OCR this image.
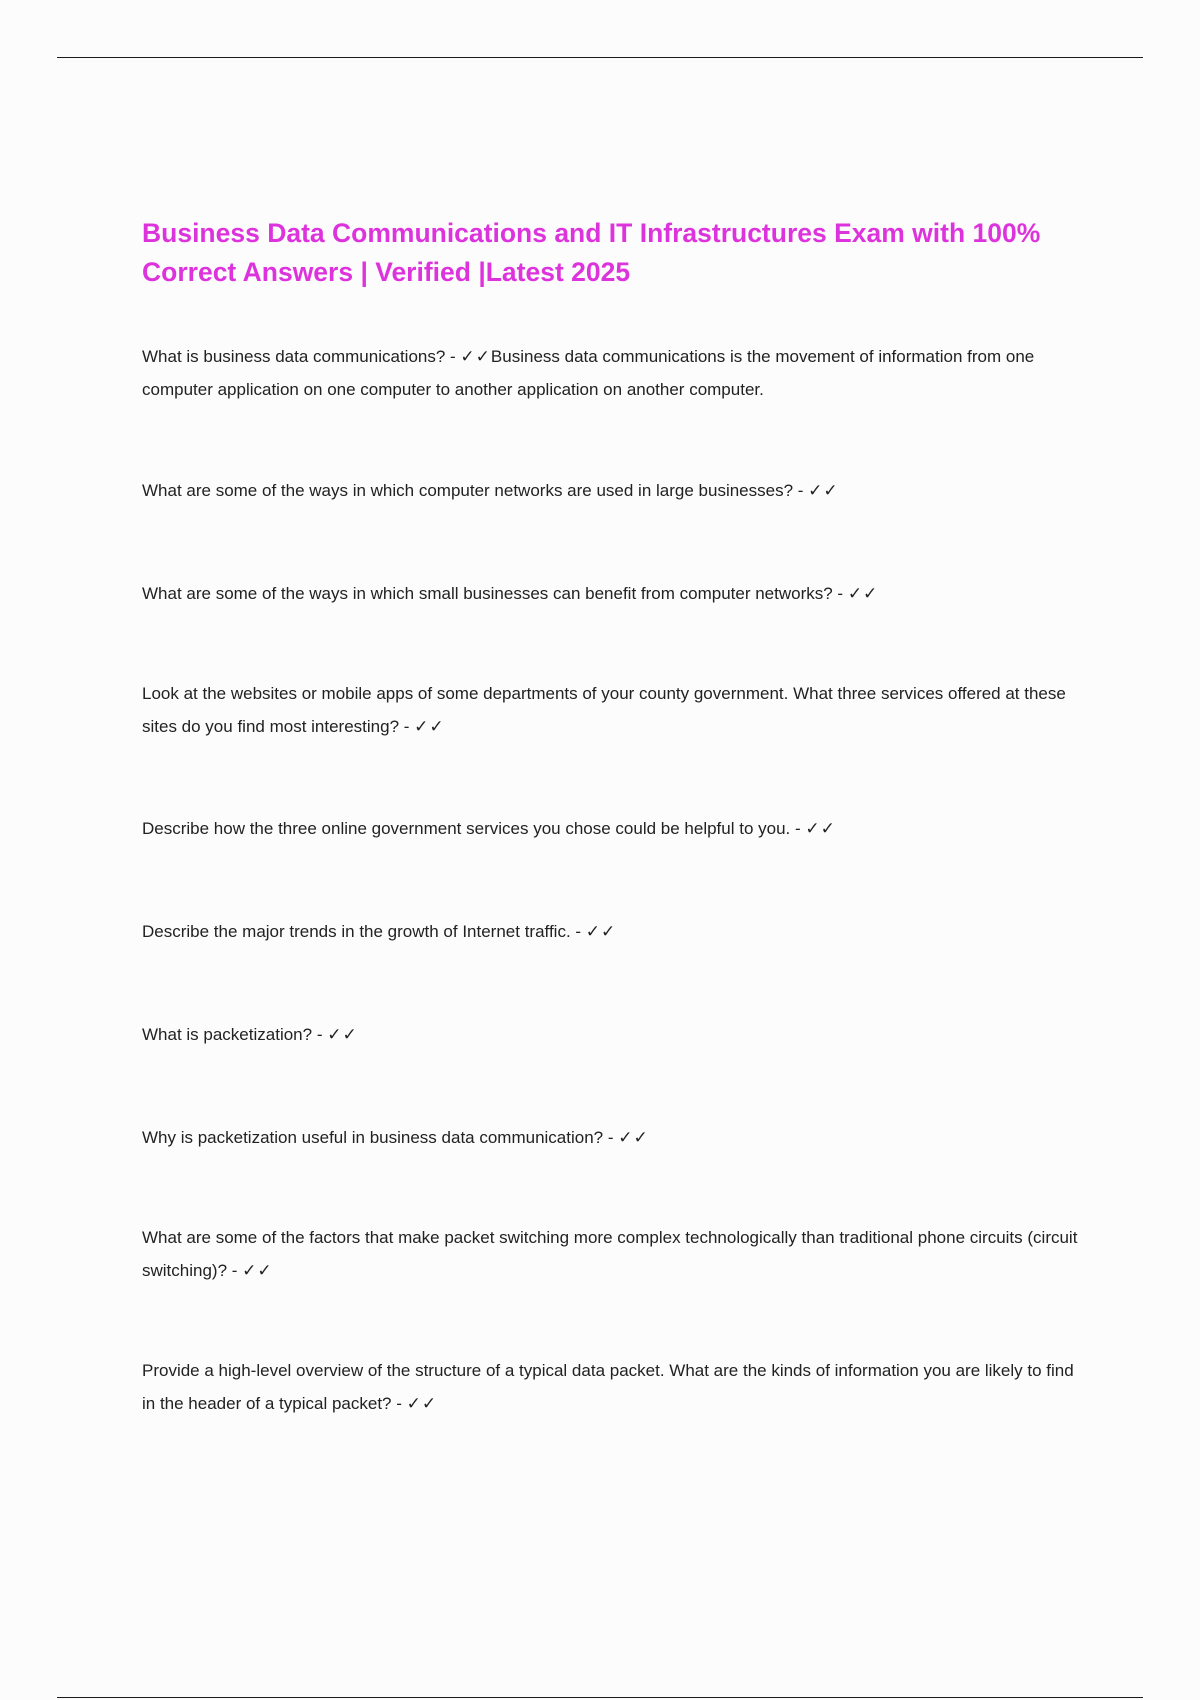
Business Data Communications and IT Infrastructures Exam with 100% Correct Answers | Verified |Latest 2025

What is business data communications? - ✓✓Business data communications is the movement of information from one computer application on one computer to another application on another computer.

What are some of the ways in which computer networks are used in large businesses? - ✓✓

What are some of the ways in which small businesses can benefit from computer networks? - ✓✓

Look at the websites or mobile apps of some departments of your county government. What three services offered at these sites do you find most interesting? - ✓✓

Describe how the three online government services you chose could be helpful to you. - ✓✓

Describe the major trends in the growth of Internet traffic. - ✓✓

What is packetization? - ✓✓

Why is packetization useful in business data communication? - ✓✓

What are some of the factors that make packet switching more complex technologically than traditional phone circuits (circuit switching)? - ✓✓

Provide a high-level overview of the structure of a typical data packet. What are the kinds of information you are likely to find in the header of a typical packet? - ✓✓
